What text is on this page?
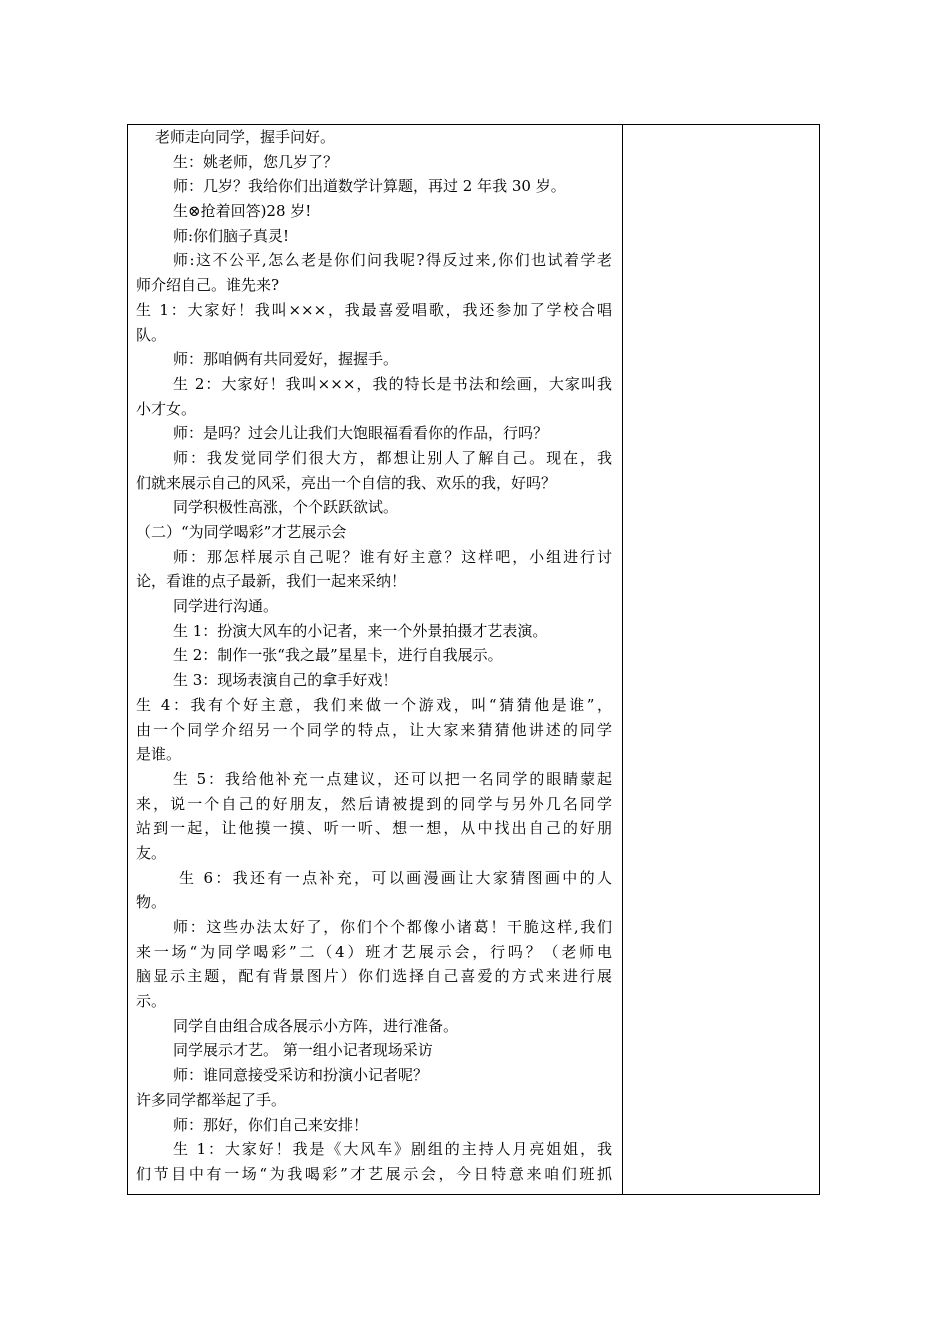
老师走向同学，握手问好。
生：姚老师，您几岁了？
师：几岁？我给你们出道数学计算题，再过 2 年我 30 岁。
生⊗抢着回答)28 岁!
师:你们脑子真灵!
师:这不公平,怎么老是你们问我呢?得反过来,你们也试着学老
师介绍自己。谁先来?
生 1：大家好！我叫×××，我最喜爱唱歌，我还参加了学校合唱
队。
师：那咱俩有共同爱好，握握手。
生 2：大家好！我叫×××，我的特长是书法和绘画，大家叫我
小才女。
师：是吗？过会儿让我们大饱眼福看看你的作品，行吗？
师：我发觉同学们很大方，都想让别人了解自己。现在，我
们就来展示自己的风采，亮出一个自信的我、欢乐的我，好吗？
同学积极性高涨，个个跃跃欲试。
（二）“为同学喝彩”才艺展示会
师：那怎样展示自己呢？谁有好主意？这样吧，小组进行讨
论，看谁的点子最新，我们一起来采纳！
同学进行沟通。
生 1：扮演大风车的小记者，来一个外景拍摄才艺表演。
生 2：制作一张“我之最”星星卡，进行自我展示。
生 3：现场表演自己的拿手好戏！
生 4：我有个好主意，我们来做一个游戏，叫“猜猜他是谁”，
由一个同学介绍另一个同学的特点，让大家来猜猜他讲述的同学
是谁。
生 5：我给他补充一点建议，还可以把一名同学的眼睛蒙起
来，说一个自己的好朋友，然后请被提到的同学与另外几名同学
站到一起，让他摸一摸、听一听、想一想，从中找出自己的好朋
友。
生 6：我还有一点补充，可以画漫画让大家猜图画中的人
物。
师：这些办法太好了，你们个个都像小诸葛！干脆这样,我们
来一场“为同学喝彩”二（4）班才艺展示会，行吗？（老师电
脑显示主题，配有背景图片）你们选择自己喜爱的方式来进行展
示。
同学自由组合成各展示小方阵，进行准备。
同学展示才艺。 第一组小记者现场采访
师：谁同意接受采访和扮演小记者呢？
许多同学都举起了手。
师：那好，你们自己来安排！
生 1：大家好！我是《大风车》剧组的主持人月亮姐姐，我
们节目中有一场“为我喝彩”才艺展示会，今日特意来咱们班抓
